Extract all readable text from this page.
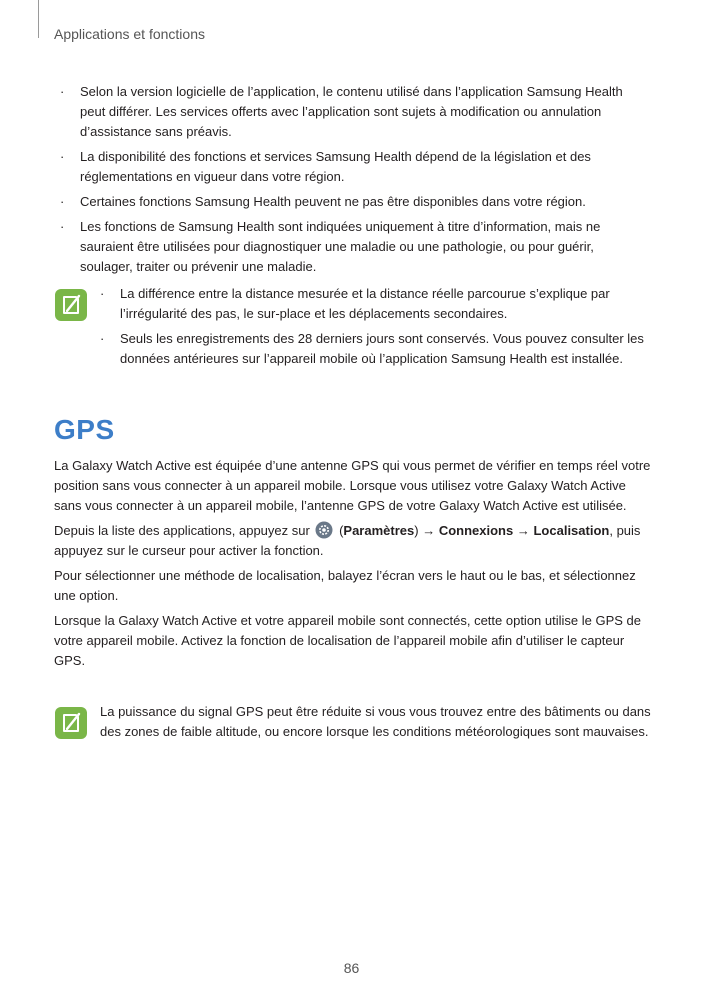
Applications et fonctions
· Selon la version logicielle de l’application, le contenu utilisé dans l’application Samsung Health peut différer. Les services offerts avec l’application sont sujets à modification ou annulation d’assistance sans préavis.
· La disponibilité des fonctions et services Samsung Health dépend de la législation et des réglementations en vigueur dans votre région.
· Certaines fonctions Samsung Health peuvent ne pas être disponibles dans votre région.
· Les fonctions de Samsung Health sont indiquées uniquement à titre d’information, mais ne sauraient être utilisées pour diagnostiquer une maladie ou une pathologie, ou pour guérir, soulager, traiter ou prévenir une maladie.
· La différence entre la distance mesurée et la distance réelle parcourue s’explique par l’irrégularité des pas, le sur-place et les déplacements secondaires.
· Seuls les enregistrements des 28 derniers jours sont conservés. Vous pouvez consulter les données antérieures sur l’appareil mobile où l’application Samsung Health est installée.
GPS

La Galaxy Watch Active est équipée d’une antenne GPS qui vous permet de vérifier en temps réel votre position sans vous connecter à un appareil mobile. Lorsque vous utilisez votre Galaxy Watch Active sans vous connecter à un appareil mobile, l’antenne GPS de votre Galaxy Watch Active est utilisée.

Depuis la liste des applications, appuyez sur (Paramètres) → Connexions → Localisation, puis appuyez sur le curseur pour activer la fonction.

Pour sélectionner une méthode de localisation, balayez l’écran vers le haut ou le bas, et sélectionnez une option.

Lorsque la Galaxy Watch Active et votre appareil mobile sont connectés, cette option utilise le GPS de votre appareil mobile. Activez la fonction de localisation de l’appareil mobile afin d’utiliser le capteur GPS.

La puissance du signal GPS peut être réduite si vous vous trouvez entre des bâtiments ou dans des zones de faible altitude, ou encore lorsque les conditions météorologiques sont mauvaises.
86
